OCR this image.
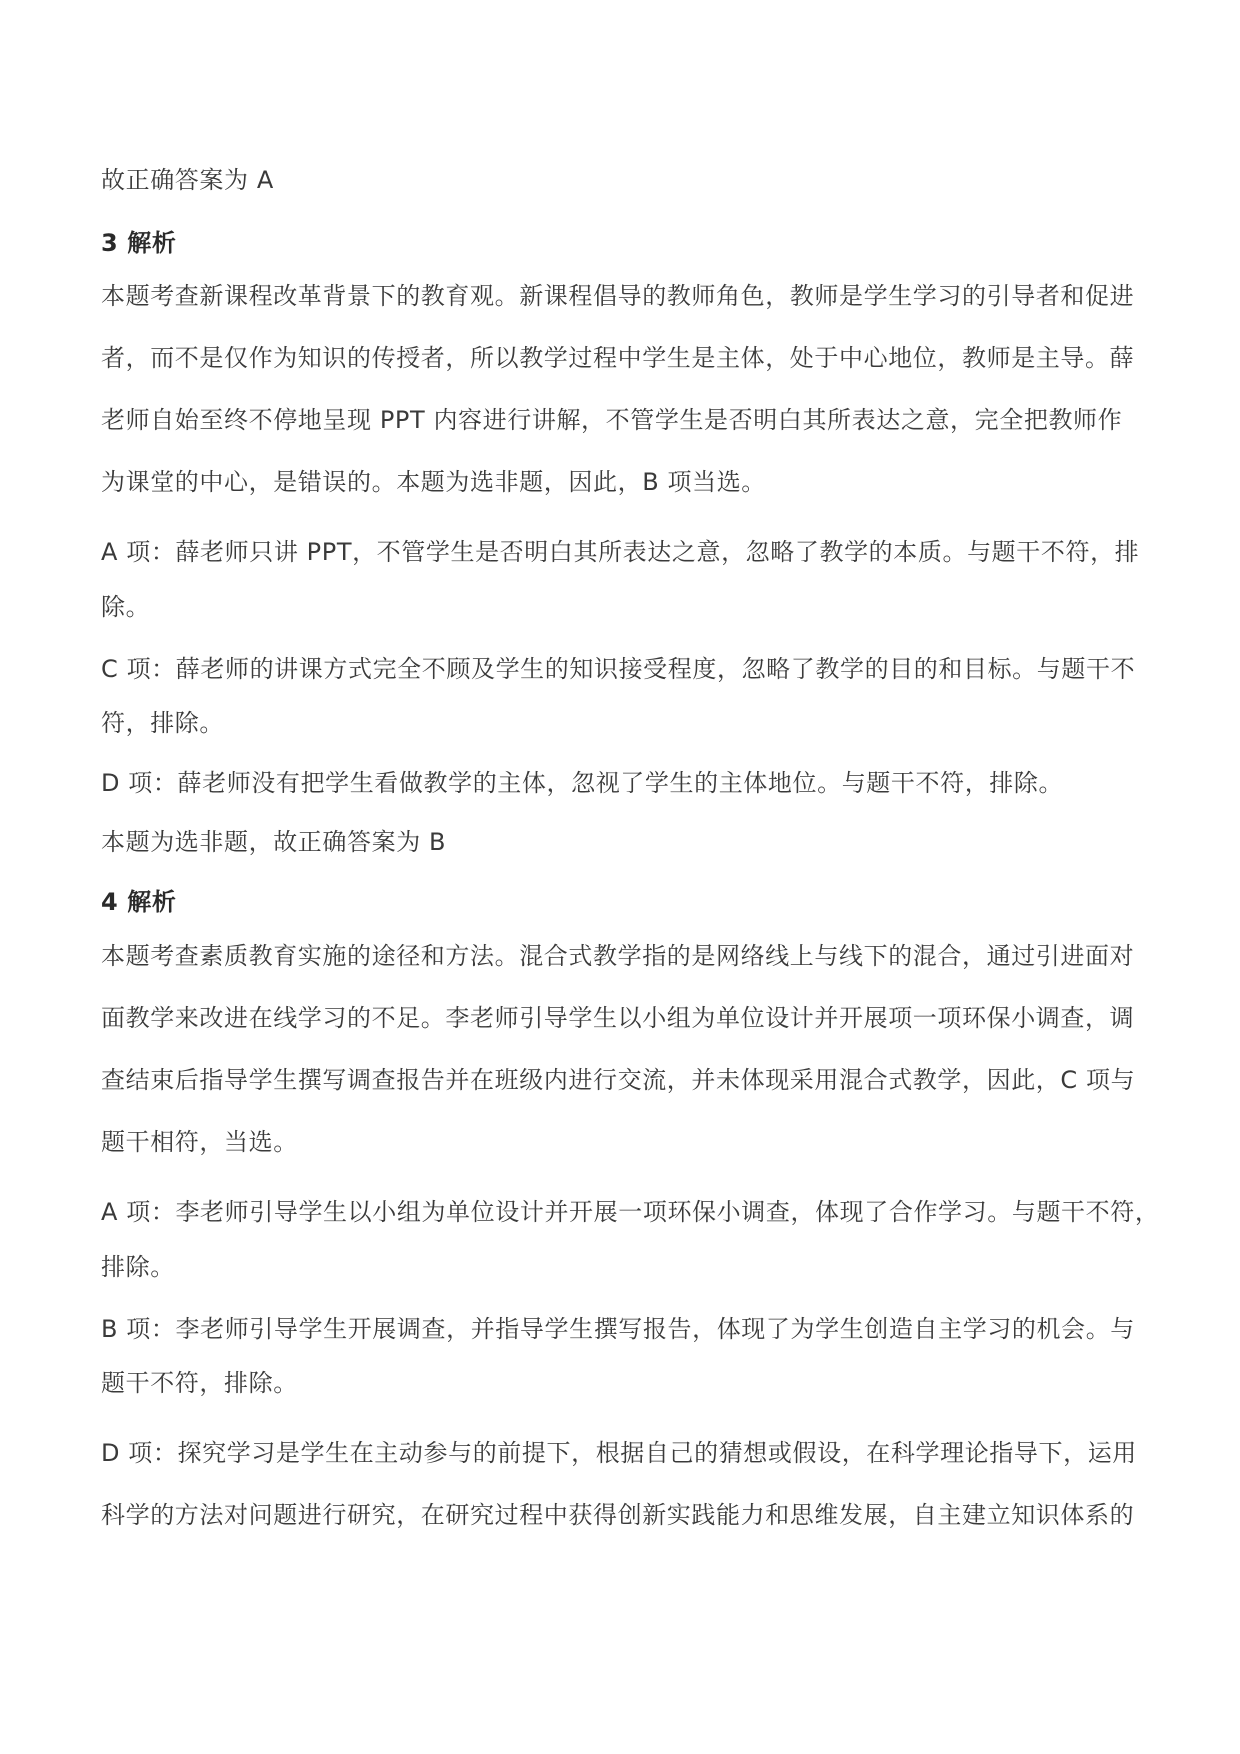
故正确答案为 A
3 解析
本题考查新课程改革背景下的教育观。新课程倡导的教师角色，教师是学生学习的引导者和促进
者，而不是仅作为知识的传授者，所以教学过程中学生是主体，处于中心地位，教师是主导。薛
老师自始至终不停地呈现 PPT 内容进行讲解，不管学生是否明白其所表达之意，完全把教师作
为课堂的中心，是错误的。本题为选非题，因此，B 项当选。
A 项：薛老师只讲 PPT，不管学生是否明白其所表达之意，忽略了教学的本质。与题干不符，排
除。
C 项：薛老师的讲课方式完全不顾及学生的知识接受程度，忽略了教学的目的和目标。与题干不
符，排除。
D 项：薛老师没有把学生看做教学的主体，忽视了学生的主体地位。与题干不符，排除。
本题为选非题，故正确答案为 B
4 解析
本题考查素质教育实施的途径和方法。混合式教学指的是网络线上与线下的混合，通过引进面对
面教学来改进在线学习的不足。李老师引导学生以小组为单位设计并开展项一项环保小调查，调
查结束后指导学生撰写调查报告并在班级内进行交流，并未体现采用混合式教学，因此，C 项与
题干相符，当选。
A 项：李老师引导学生以小组为单位设计并开展一项环保小调查，体现了合作学习。与题干不符，
排除。
B 项：李老师引导学生开展调查，并指导学生撰写报告，体现了为学生创造自主学习的机会。与
题干不符，排除。
D 项：探究学习是学生在主动参与的前提下，根据自己的猜想或假设，在科学理论指导下，运用
科学的方法对问题进行研究，在研究过程中获得创新实践能力和思维发展，自主建立知识体系的
